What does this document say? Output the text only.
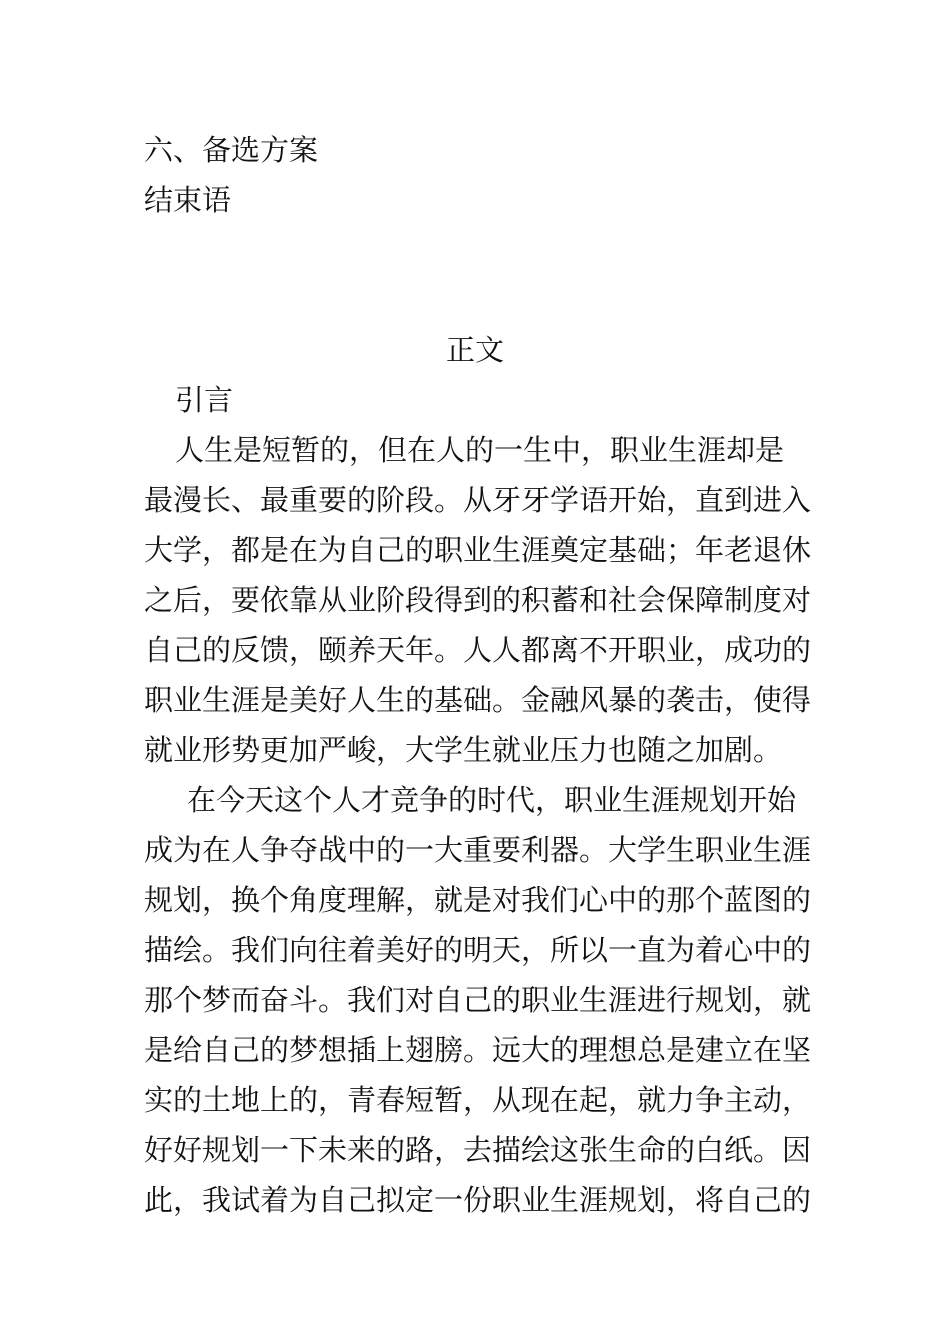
六、备选方案
结束语
正文
引言
人生是短暂的，但在人的一生中，职业生涯却是
最漫长、最重要的阶段。从牙牙学语开始，直到进入
大学，都是在为自己的职业生涯奠定基础；年老退休
之后，要依靠从业阶段得到的积蓄和社会保障制度对
自己的反馈，颐养天年。人人都离不开职业，成功的
职业生涯是美好人生的基础。金融风暴的袭击，使得
就业形势更加严峻，大学生就业压力也随之加剧。
在今天这个人才竞争的时代，职业生涯规划开始
成为在人争夺战中的一大重要利器。大学生职业生涯
规划，换个角度理解，就是对我们心中的那个蓝图的
描绘。我们向往着美好的明天，所以一直为着心中的
那个梦而奋斗。我们对自己的职业生涯进行规划，就
是给自己的梦想插上翅膀。远大的理想总是建立在坚
实的土地上的，青春短暂，从现在起，就力争主动，
好好规划一下未来的路，去描绘这张生命的白纸。因
此，我试着为自己拟定一份职业生涯规划，将自己的
